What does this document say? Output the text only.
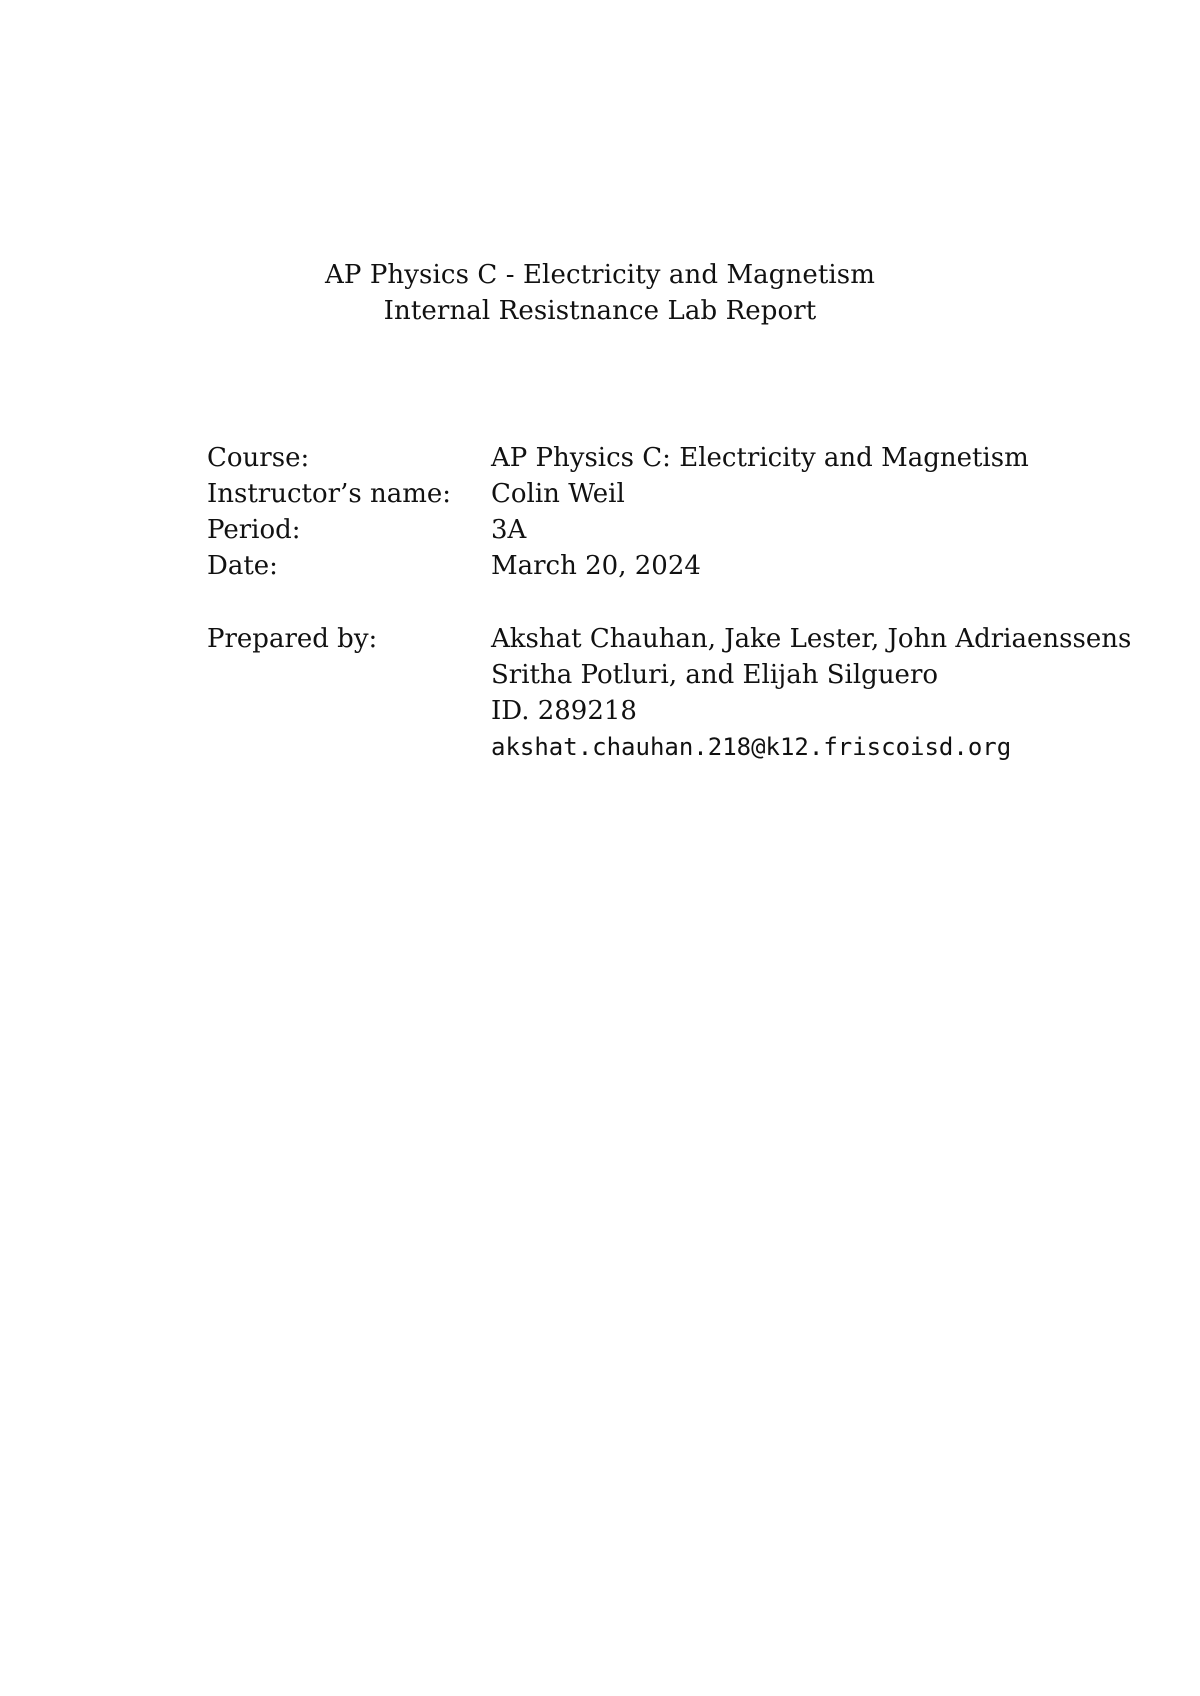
AP Physics C - Electricity and Magnetism
Internal Resistnance Lab Report
Course:	AP Physics C: Electricity and Magnetism
Instructor’s name:	Colin Weil
Period:	3A
Date:	March 20, 2024
Prepared by:	Akshat Chauhan, Jake Lester, John Adriaenssens
Sritha Potluri, and Elijah Silguero
ID. 289218
akshat.chauhan.218@k12.friscoisd.org
